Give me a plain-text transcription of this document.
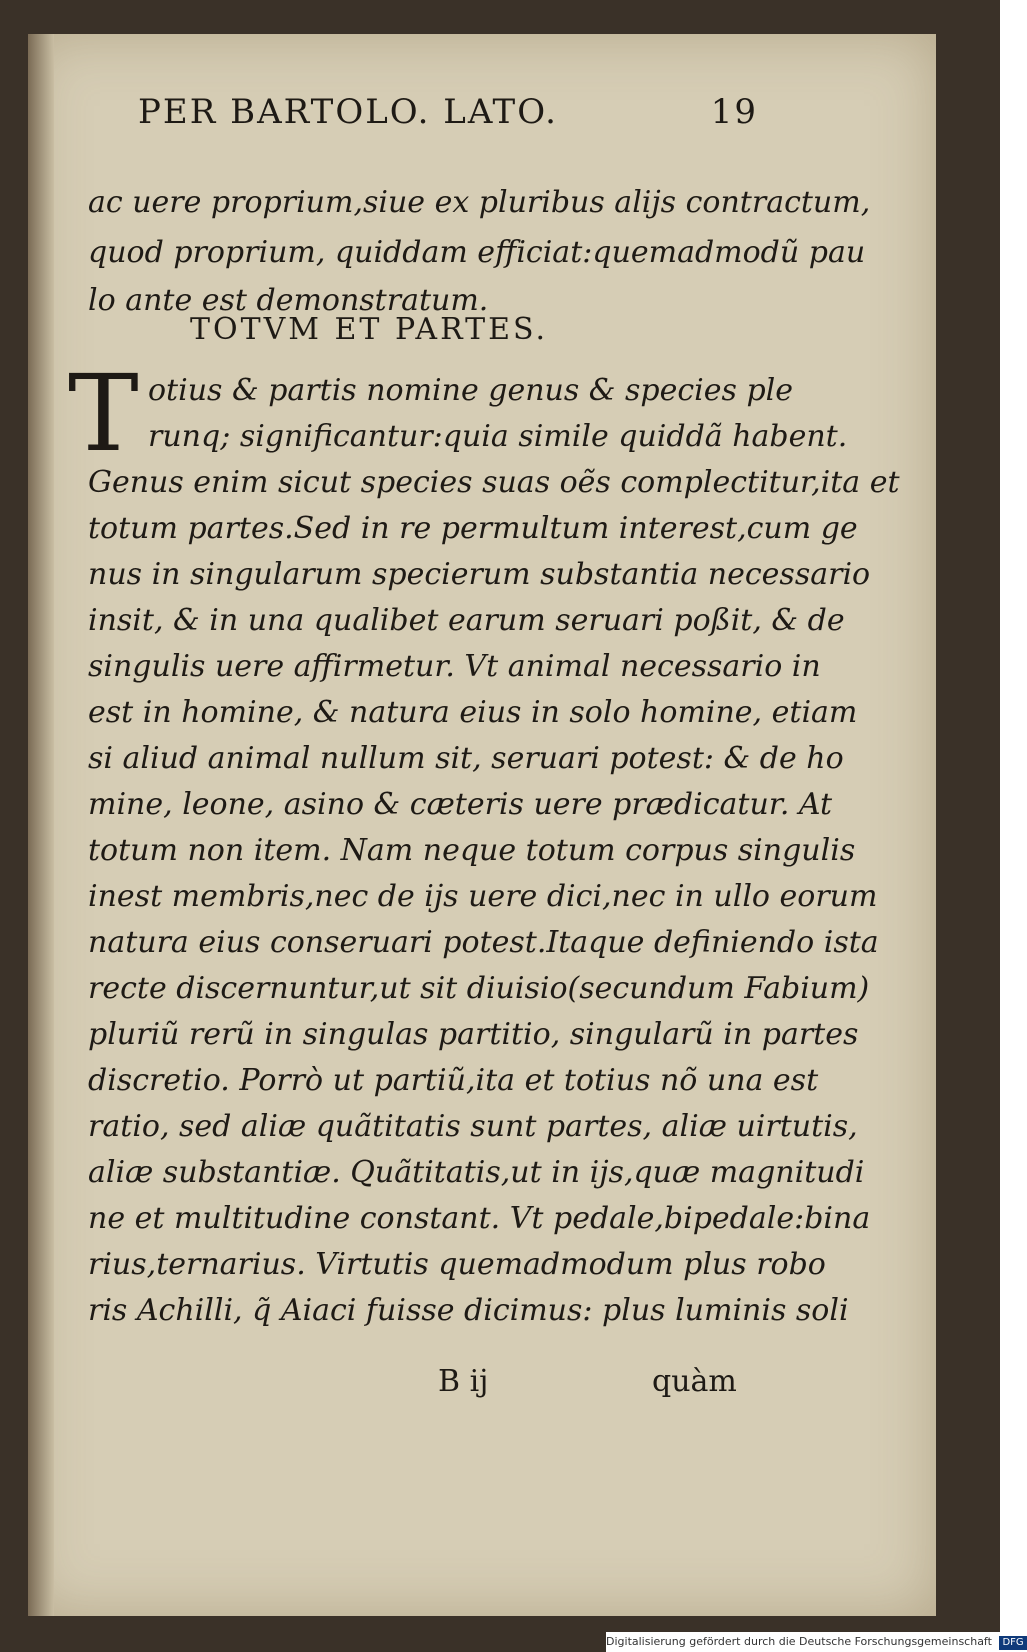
PER BARTOLO. LATO.	19
ac uere proprium,siue ex pluribus alijs contractum,
quod proprium, quiddam efficiat:quemadmodũ pau
lo ante est demonstratum.
TOTVM ET PARTES.
T otius & partis nomine genus & species ple
runq; significantur:quia simile quiddã habent.
Genus enim sicut species suas oẽs complectitur,ita et
totum partes.Sed in re permultum interest,cum ge
nus in singularum specierum substantia necessario
insit, & in una qualibet earum seruari poßit, & de
singulis uere affirmetur. Vt animal necessario in
est in homine, & natura eius in solo homine, etiam
si aliud animal nullum sit, seruari potest: & de ho
mine, leone, asino & cæteris uere prædicatur. At
totum non item. Nam neque totum corpus singulis
inest membris,nec de ijs uere dici,nec in ullo eorum
natura eius conseruari potest.Itaque definiendo ista
recte discernuntur,ut sit diuisio(secundum Fabium)
pluriũ rerũ in singulas partitio, singularũ in partes
discretio. Porrò ut partiũ,ita et totius nõ una est
ratio, sed aliæ quãtitatis sunt partes, aliæ uirtutis,
aliæ substantiæ. Quãtitatis,ut in ijs,quæ magnitudi
ne et multitudine constant. Vt pedale,bipedale:bina
rius,ternarius. Virtutis quemadmodum plus robo
ris Achilli, q̃ Aiaci fuisse dicimus: plus luminis soli
B ij	quàm
Digitalisierung gefördert durch die Deutsche Forschungsgemeinschaft DFG
